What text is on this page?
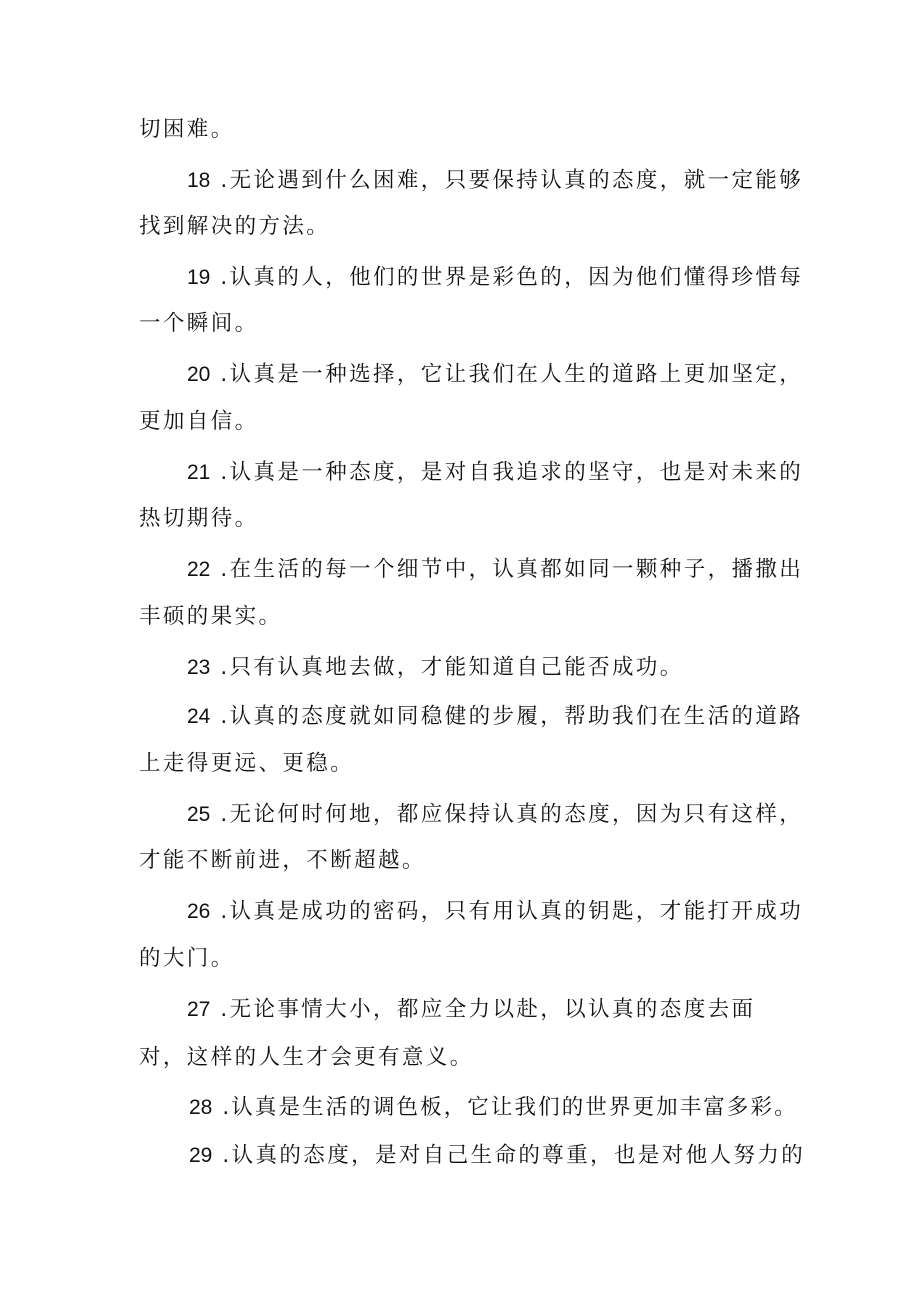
切困难。
18 .无论遇到什么困难，只要保持认真的态度，就一定能够
找到解决的方法。
19 .认真的人，他们的世界是彩色的，因为他们懂得珍惜每
一个瞬间。
20 .认真是一种选择，它让我们在人生的道路上更加坚定，
更加自信。
21 .认真是一种态度，是对自我追求的坚守，也是对未来的
热切期待。
22 .在生活的每一个细节中，认真都如同一颗种子，播撒出
丰硕的果实。
23 .只有认真地去做，才能知道自己能否成功。
24 .认真的态度就如同稳健的步履，帮助我们在生活的道路
上走得更远、更稳。
25 .无论何时何地，都应保持认真的态度，因为只有这样，
才能不断前进，不断超越。
26 .认真是成功的密码，只有用认真的钥匙，才能打开成功
的大门。
27 .无论事情大小，都应全力以赴，以认真的态度去面
对，这样的人生才会更有意义。
28 .认真是生活的调色板，它让我们的世界更加丰富多彩。
29 .认真的态度，是对自己生命的尊重，也是对他人努力的
